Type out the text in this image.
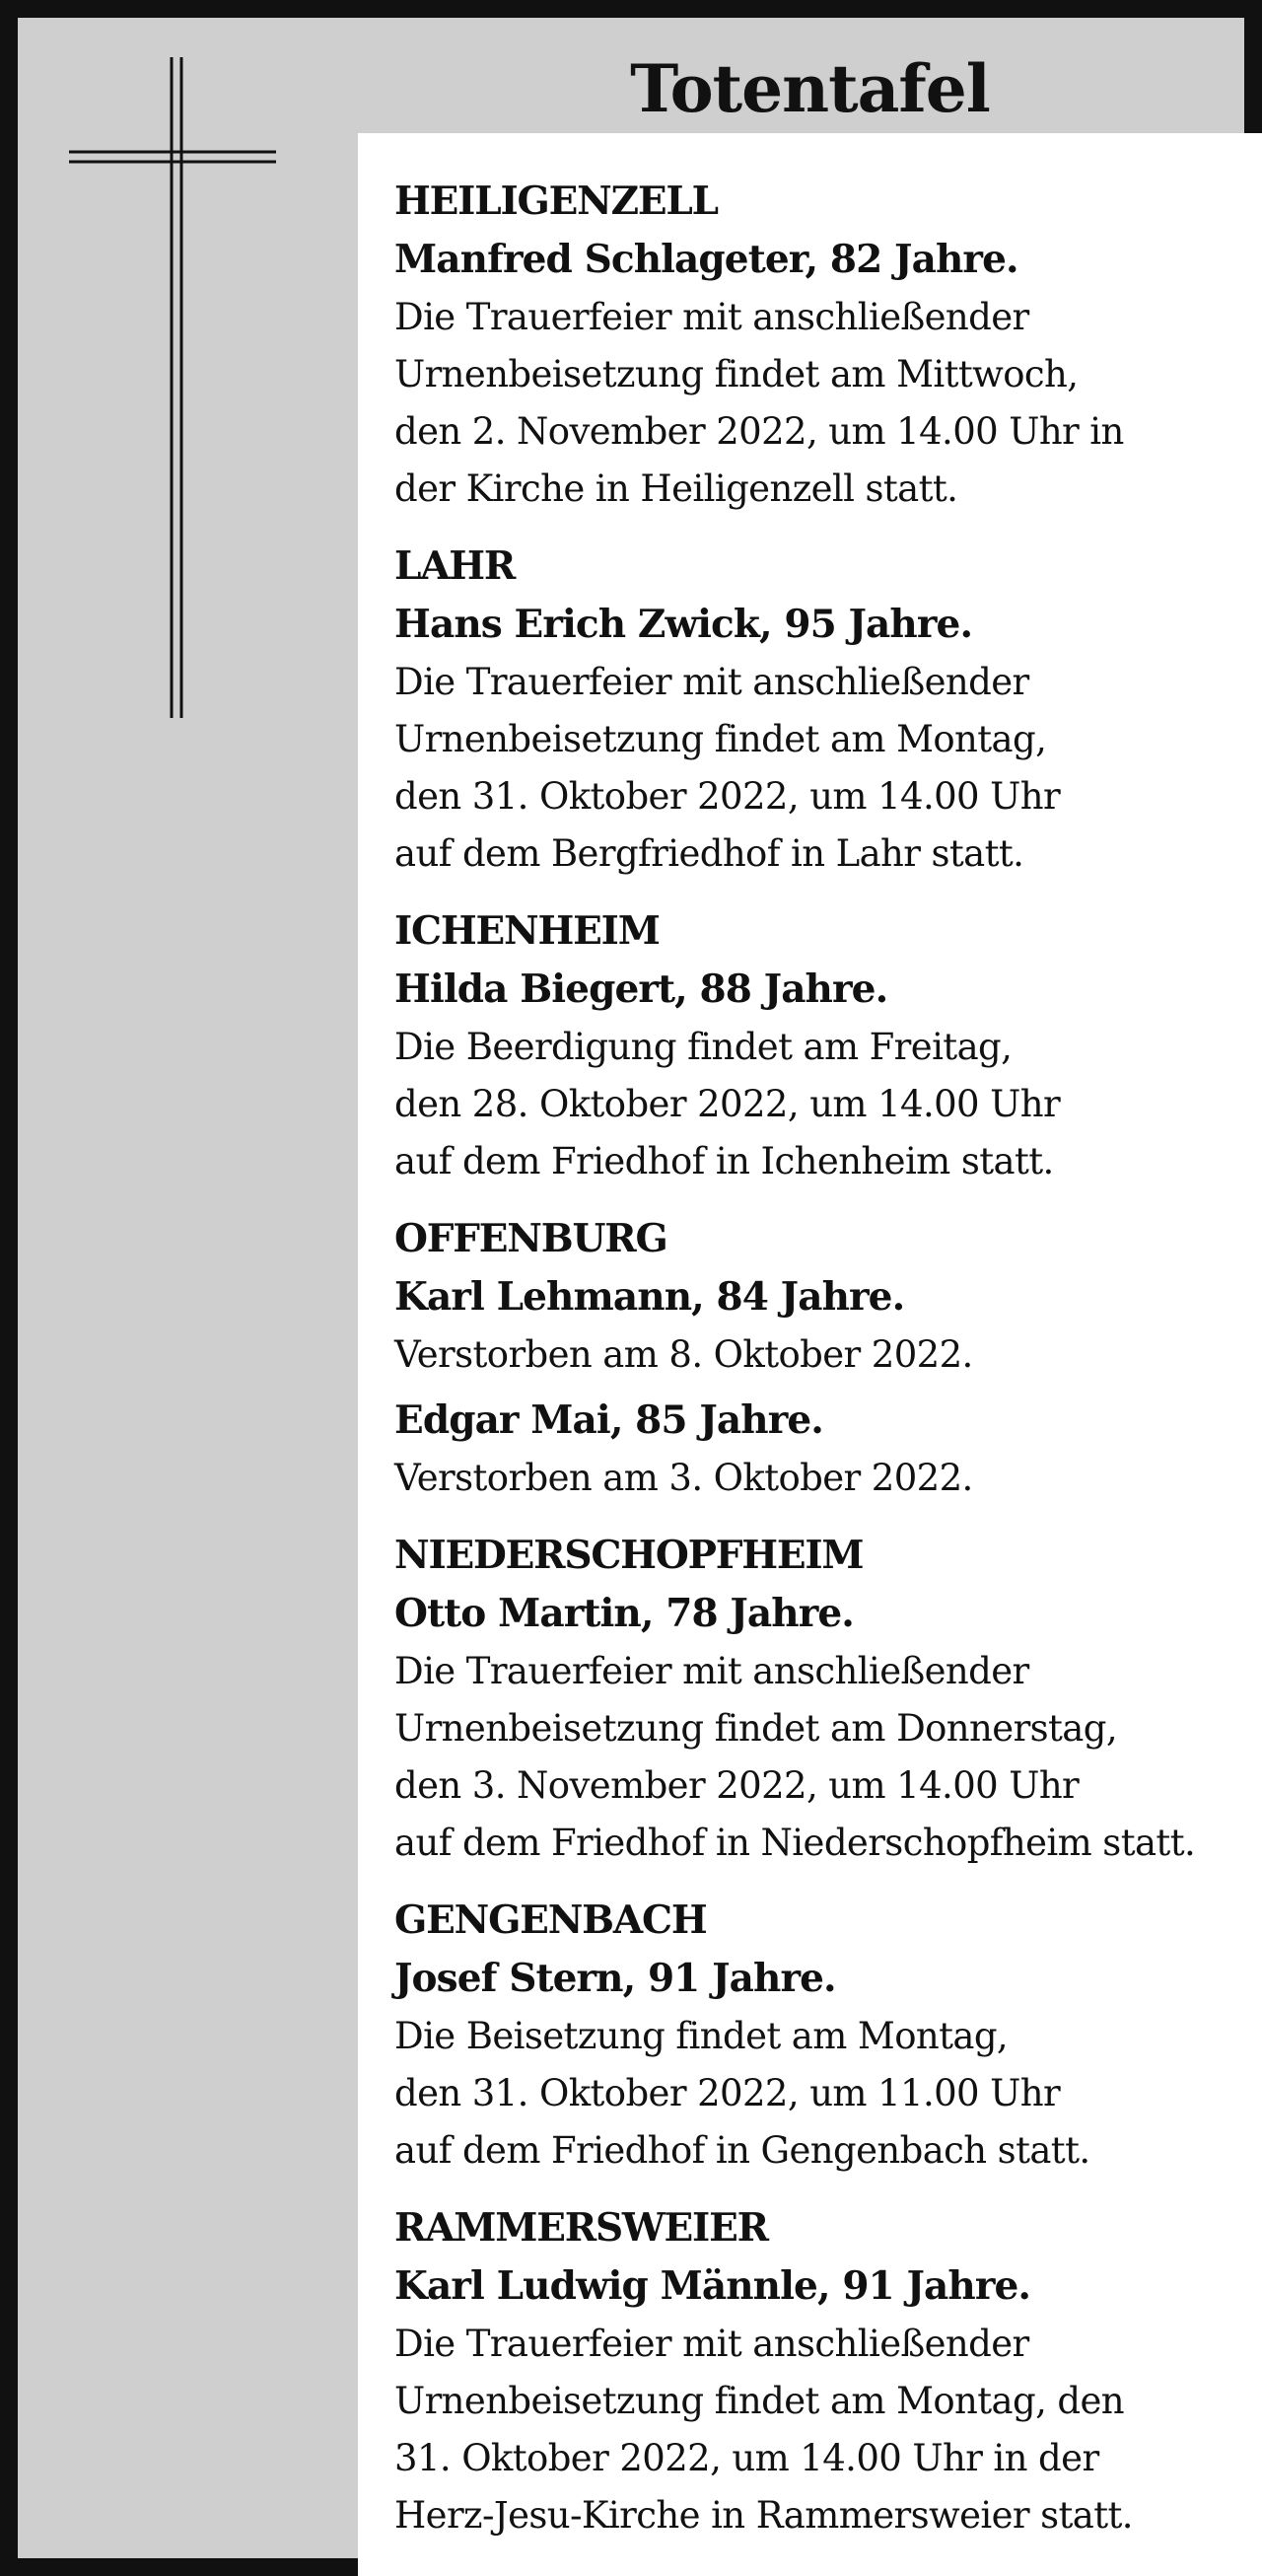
Totentafel
HEILIGENZELL
Manfred Schlageter, 82 Jahre.
Die Trauerfeier mit anschließender
Urnenbeisetzung findet am Mittwoch,
den 2. November 2022, um 14.00 Uhr in
der Kirche in Heiligenzell statt.
LAHR
Hans Erich Zwick, 95 Jahre.
Die Trauerfeier mit anschließender
Urnenbeisetzung findet am Montag,
den 31. Oktober 2022, um 14.00 Uhr
auf dem Bergfriedhof in Lahr statt.
ICHENHEIM
Hilda Biegert, 88 Jahre.
Die Beerdigung findet am Freitag,
den 28. Oktober 2022, um 14.00 Uhr
auf dem Friedhof in Ichenheim statt.
OFFENBURG
Karl Lehmann, 84 Jahre.
Verstorben am 8. Oktober 2022.
Edgar Mai, 85 Jahre.
Verstorben am 3. Oktober 2022.
NIEDERSCHOPFHEIM
Otto Martin, 78 Jahre.
Die Trauerfeier mit anschließender
Urnenbeisetzung findet am Donnerstag,
den 3. November 2022, um 14.00 Uhr
auf dem Friedhof in Niederschopfheim statt.
GENGENBACH
Josef Stern, 91 Jahre.
Die Beisetzung findet am Montag,
den 31. Oktober 2022, um 11.00 Uhr
auf dem Friedhof in Gengenbach statt.
RAMMERSWEIER
Karl Ludwig Männle, 91 Jahre.
Die Trauerfeier mit anschließender
Urnenbeisetzung findet am Montag, den
31. Oktober 2022, um 14.00 Uhr in der
Herz-Jesu-Kirche in Rammersweier statt.
